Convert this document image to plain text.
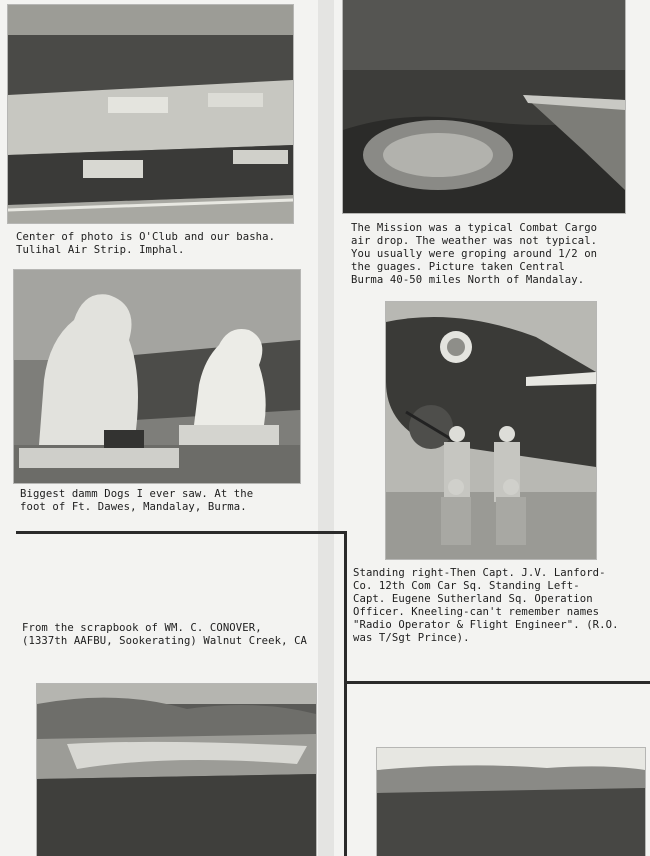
Center of photo is O'Club and our basha.
Tulihal Air Strip. Imphal.
The Mission was a typical Combat Cargo
air drop. The weather was not typical.
You usually were groping around 1/2 on
the guages. Picture taken Central
Burma 40-50 miles North of Mandalay.
Biggest damm Dogs I ever saw. At the
foot of Ft. Dawes, Mandalay, Burma.
Standing right-Then Capt. J.V. Lanford-
Co. 12th Com Car Sq. Standing Left-
Capt. Eugene Sutherland Sq. Operation
Officer. Kneeling-can't remember names
"Radio Operator & Flight Engineer". (R.O.
was T/Sgt Prince).
From the scrapbook of WM. C. CONOVER,
(1337th AAFBU, Sookerating) Walnut Creek, CA
